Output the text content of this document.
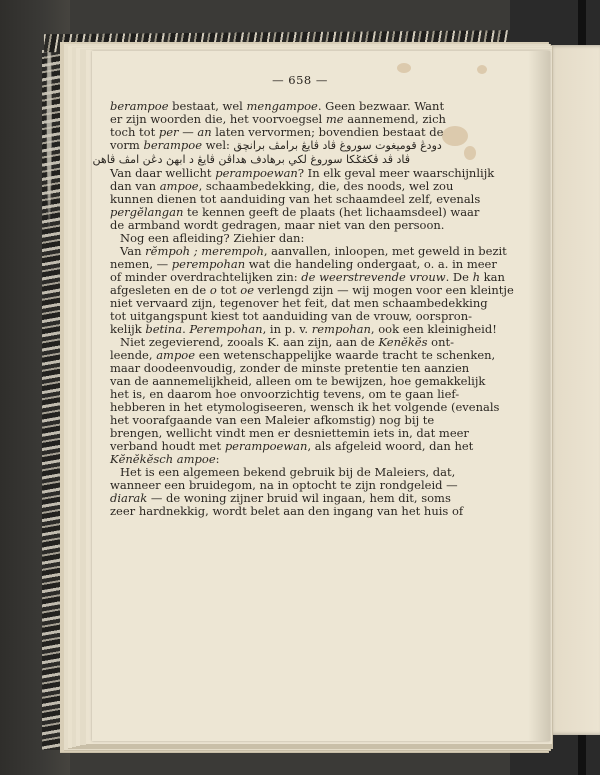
— 658 —
berampoe bestaat, wel mengampoe. Geen bezwaar. Want
er zijn woorden die, het voorvoegsel me aannemend, zich
toch tot per — an laten vervormen; bovendien bestaat de
vorm berampoe wel: دودڠ قوميغوت سوروغ ڤاد ڤايڠ برامڤ برانچق
ڤاد ڤد ڤكڠݢكا سوروغ لكي برهادف هداڤن ڤايڠ د ابهڽ دڠن امڤ ڤاهن
Van daar wellicht perampoewan? In elk geval meer waarschijnlijk
dan van ampoe, schaambedekking, die, des noods, wel zou
kunnen dienen tot aanduiding van het schaamdeel zelf, evenals
pergĕlangan te kennen geeft de plaats (het lichaamsdeel) waar
de armband wordt gedragen, maar niet van den persoon.
Nog een afleiding? Ziehier dan:
Van rĕmpoh ; merempoh, aanvallen, inloopen, met geweld in bezit
nemen, — perempohan wat die handeling ondergaat, o. a. in meer
of minder overdrachtelijken zin: de weerstrevende vrouw. De h kan
afgesleten en de o tot oe verlengd zijn — wij mogen voor een kleintje
niet vervaard zijn, tegenover het feit, dat men schaambedekking
tot uitgangspunt kiest tot aanduiding van de vrouw, oorspron-
kelijk betina. Perempohan, in p. v. rempohan, ook een kleinigheid!
Niet zegevierend, zooals K. aan zijn, aan de Kenĕkĕs ont-
leende, ampoe een wetenschappelijke waarde tracht te schenken,
maar doodeenvoudig, zonder de minste pretentie ten aanzien
van de aannemelijkheid, alleen om te bewijzen, hoe gemakkelijk
het is, en daarom hoe onvoorzichtig tevens, om te gaan lief-
hebberen in het etymologiseeren, wensch ik het volgende (evenals
het voorafgaande van een Maleier afkomstig) nog bij te
brengen, wellicht vindt men er desniettemin iets in, dat meer
verband houdt met perampoewan, als afgeleid woord, dan het
Kĕnĕkĕsch ampoe:
Het is een algemeen bekend gebruik bij de Maleiers, dat,
wanneer een bruidegom, na in optocht te zijn rondgeleid —
diarak — de woning zijner bruid wil ingaan, hem dit, soms
zeer hardnekkig, wordt belet aan den ingang van het huis of
